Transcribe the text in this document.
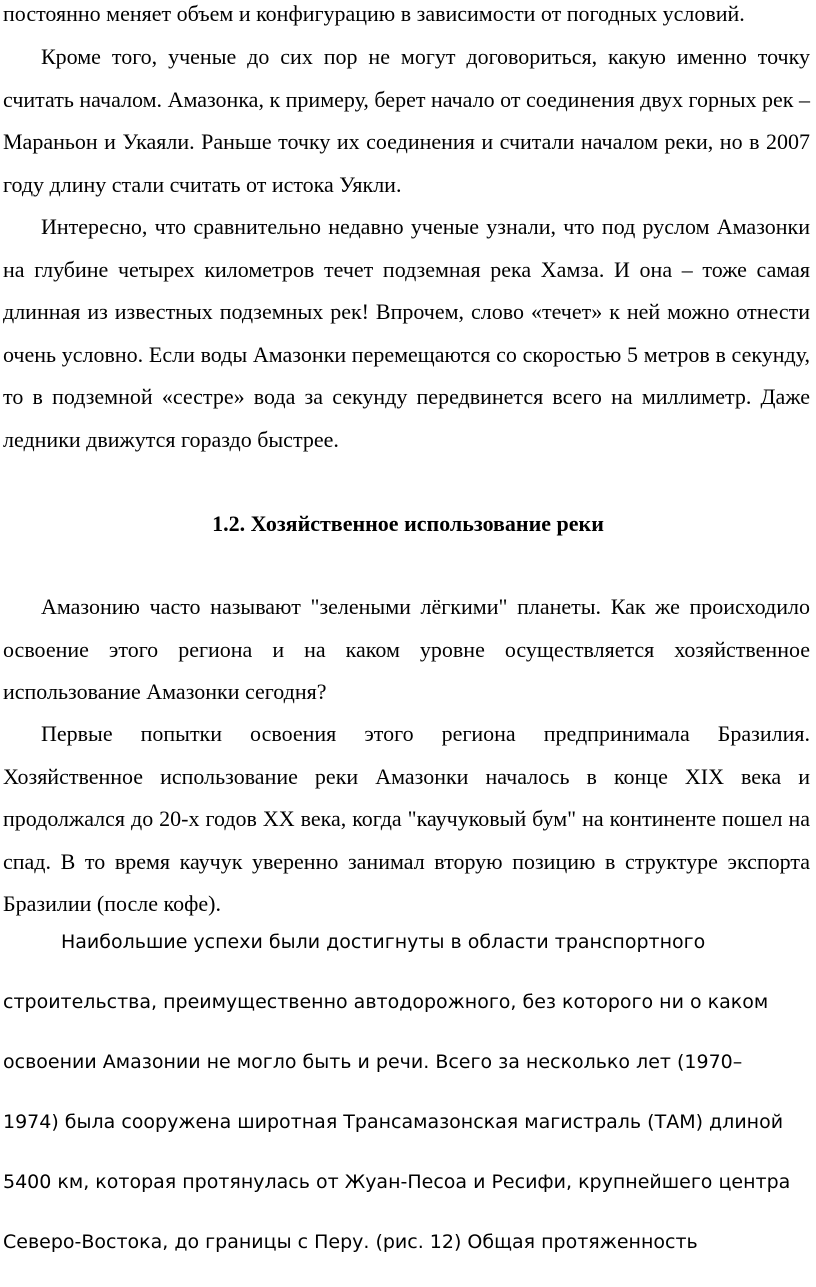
постоянно меняет объем и конфигурацию в зависимости от погодных условий.

Кроме того, ученые до сих пор не могут договориться, какую именно точку считать началом. Амазонка, к примеру, берет начало от соединения двух горных рек – Мараньон и Укаяли. Раньше точку их соединения и считали началом реки, но в 2007 году длину стали считать от истока Уякли.

Интересно, что сравнительно недавно ученые узнали, что под руслом Амазонки на глубине четырех километров течет подземная река Хамза. И она – тоже самая длинная из известных подземных рек! Впрочем, слово «течет» к ней можно отнести очень условно. Если воды Амазонки перемещаются со скоростью 5 метров в секунду, то в подземной «сестре» вода за секунду передвинется всего на миллиметр. Даже ледники движутся гораздо быстрее.

1.2. Хозяйственное использование реки

Амазонию часто называют "зелеными лёгкими" планеты. Как же происходило освоение этого региона и на каком уровне осуществляется хозяйственное использование Амазонки сегодня?

Первые попытки освоения этого региона предпринимала Бразилия. Хозяйственное использование реки Амазонки началось в конце XIX века и продолжался до 20-х годов XX века, когда "каучуковый бум" на континенте пошел на спад. В то время каучук уверенно занимал вторую позицию в структуре экспорта Бразилии (после кофе).

Наибольшие успехи были достигнуты в области транспортного
строительства, преимущественно автодорожного, без которого ни о каком
освоении Амазонии не могло быть и речи. Всего за несколько лет (1970–
1974) была сооружена широтная Трансамазонская магистраль (ТАМ) длиной
5400 км, которая протянулась от Жуан-Песоа и Ресифи, крупнейшего центра
Северо-Востока, до границы с Перу. (рис. 12) Общая протяженность
